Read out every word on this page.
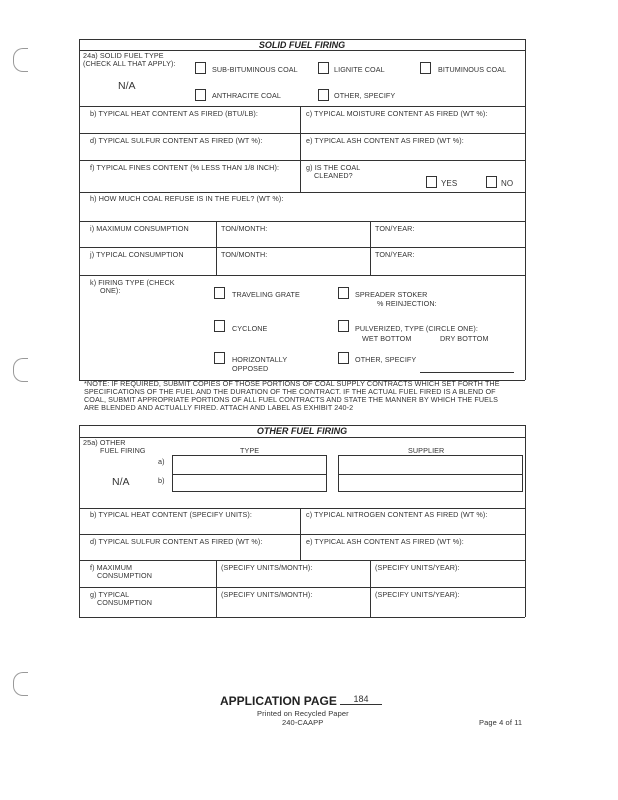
SOLID FUEL FIRING
24a) SOLID FUEL TYPE
(CHECK ALL THAT APPLY):
N/A
SUB-BITUMINOUS COAL	LIGNITE COAL	BITUMINOUS COAL
ANTHRACITE COAL	OTHER, SPECIFY
b) TYPICAL HEAT CONTENT AS FIRED (BTU/LB):	c) TYPICAL MOISTURE CONTENT AS FIRED (WT %):
d) TYPICAL SULFUR CONTENT AS FIRED (WT %):	e) TYPICAL ASH CONTENT AS FIRED (WT %):
f) TYPICAL FINES CONTENT (% LESS THAN 1/8 INCH):	g) IS THE COAL
CLEANED?
YES	NO
h) HOW MUCH COAL REFUSE IS IN THE FUEL? (WT %):
i) MAXIMUM CONSUMPTION	TON/MONTH:	TON/YEAR:
j) TYPICAL CONSUMPTION	TON/MONTH:	TON/YEAR:
k) FIRING TYPE (CHECK
ONE):	TRAVELING GRATE	SPREADER STOKER
% REINJECTION:
CYCLONE	PULVERIZED, TYPE (CIRCLE ONE):
WET BOTTOM	DRY BOTTOM
HORIZONTALLY
OPPOSED
OTHER, SPECIFY
*NOTE: IF REQUIRED, SUBMIT COPIES OF THOSE PORTIONS OF COAL SUPPLY CONTRACTS WHICH SET FORTH THE
SPECIFICATIONS OF THE FUEL AND THE DURATION OF THE CONTRACT. IF THE ACTUAL FUEL FIRED IS A BLEND OF
COAL, SUBMIT APPROPRIATE PORTIONS OF ALL FUEL CONTRACTS AND STATE THE MANNER BY WHICH THE FUELS
ARE BLENDED AND ACTUALLY FIRED. ATTACH AND LABEL AS EXHIBIT 240-2
OTHER FUEL FIRING
25a) OTHER
FUEL FIRING	TYPE	SUPPLIER
a)
b)
N/A
b) TYPICAL HEAT CONTENT (SPECIFY UNITS):	c) TYPICAL NITROGEN CONTENT AS FIRED (WT %):
d) TYPICAL SULFUR CONTENT AS FIRED (WT %):	e) TYPICAL ASH CONTENT AS FIRED (WT %):
f) MAXIMUM
CONSUMPTION
(SPECIFY UNITS/MONTH):	(SPECIFY UNITS/YEAR):
g) TYPICAL
CONSUMPTION
(SPECIFY UNITS/MONTH):	(SPECIFY UNITS/YEAR):
APPLICATION PAGE	184
Printed on Recycled Paper
240-CAAPP	Page 4 of 11
